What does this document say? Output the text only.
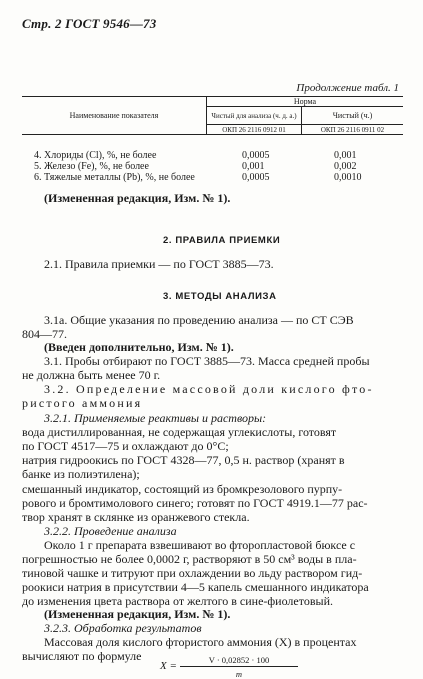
Стр. 2 ГОСТ 9546—73
Продолжение табл. 1
Наименование показателя	Норма	
	Чистый для анализа (ч. д. а.)	Чистый (ч.)
	ОКП 26 2116 0912 01	ОКП 26 2116 0911 02
4. Хлориды (Cl), %, не более	0,0005	0,001
5. Железо (Fe), %, не более	0,001	0,002
6. Тяжелые металлы (Pb), %, не более	0,0005	0,0010
(Измененная редакция, Изм. № 1).
2. ПРАВИЛА ПРИЕМКИ
2.1. Правила приемки — по ГОСТ 3885—73.
3. МЕТОДЫ АНАЛИЗА
3.1а. Общие указания по проведению анализа — по СТ СЭВ
804—77.
(Введен дополнительно, Изм. № 1).
3.1. Пробы отбирают по ГОСТ 3885—73. Масса средней пробы
не должна быть менее 70 г.
3.2. Определение массовой доли кислого фто-
ристого аммония
3.2.1. Применяемые реактивы и растворы:
вода дистиллированная, не содержащая углекислоты, готовят
по ГОСТ 4517—75 и охлаждают до 0°С;
натрия гидроокись по ГОСТ 4328—77, 0,5 н. раствор (хранят в
банке из полиэтилена);
смешанный индикатор, состоящий из бромкрезолового пурпу-
рового и бромтимолового синего; готовят по ГОСТ 4919.1—77 рас-
твор хранят в склянке из оранжевого стекла.
3.2.2. Проведение анализа
Около 1 г препарата взвешивают во фторопластовой бюксе с
погрешностью не более 0,0002 г, растворяют в 50 см³ воды в пла-
тиновой чашке и титруют при охлаждении во льду раствором гид-
роокиси натрия в присутствии 4—5 капель смешанного индикатора
до изменения цвета раствора от желтого в сине-фиолетовый.
(Измененная редакция, Изм. № 1).
3.2.3. Обработка результатов
Массовая доля кислого фтористого аммония (X) в процентах
вычисляют по формуле
$X = \frac{V \cdot 0,02852 \cdot 100}{m}$
